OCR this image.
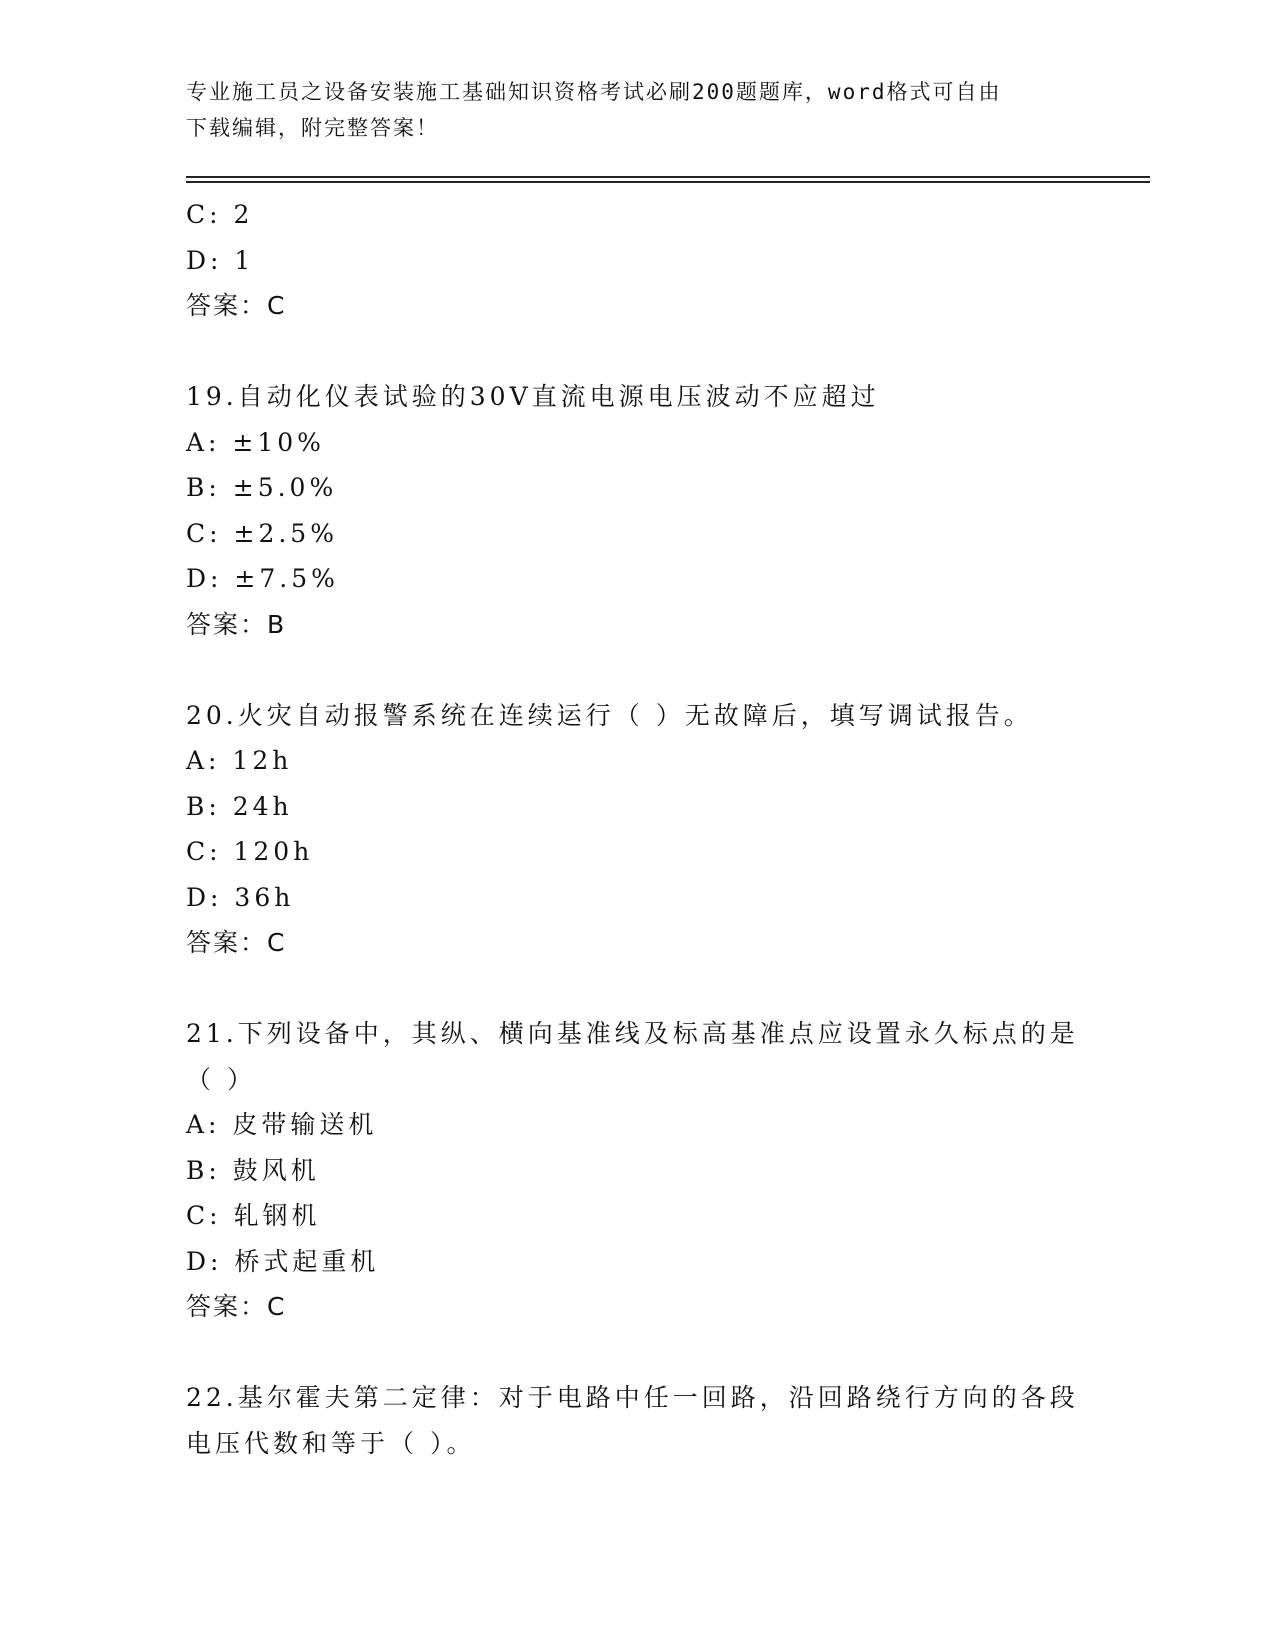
专业施工员之设备安装施工基础知识资格考试必刷200题题库，word格式可自由
下载编辑，附完整答案！
C: 2
D: 1
答案：C
19.自动化仪表试验的30V直流电源电压波动不应超过
A: ±10%
B: ±5.0%
C: ±2.5%
D: ±7.5%
答案：B
20.火灾自动报警系统在连续运行（ ）无故障后，填写调试报告。
A: 12h
B: 24h
C: 120h
D: 36h
答案：C
21.下列设备中，其纵、横向基准线及标高基准点应设置永久标点的是
（ ）
A: 皮带输送机
B: 鼓风机
C: 轧钢机
D: 桥式起重机
答案：C
22.基尔霍夫第二定律：对于电路中任一回路，沿回路绕行方向的各段
电压代数和等于（ ）。
